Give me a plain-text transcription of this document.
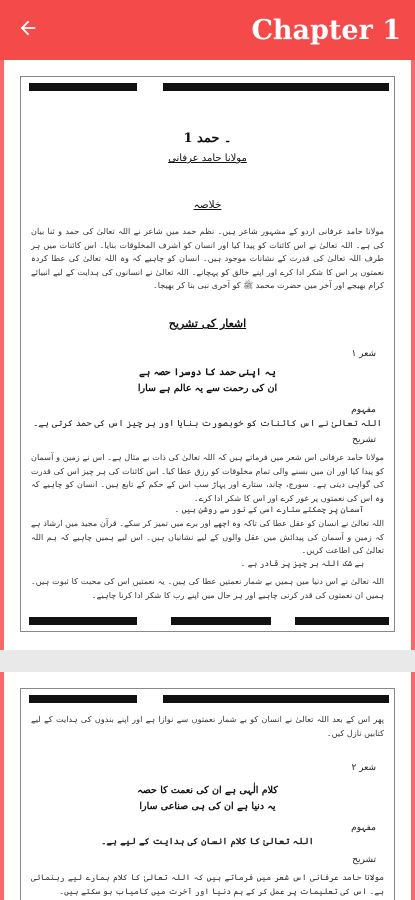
Chapter 1
1 ۔ حمد
مولانا حامد عرفانی
خلاصہ
مولانا حامد عرفانی اردو کے مشہور شاعر ہیں۔ نظم حمد میں شاعر نے اللہ تعالیٰ کی حمد و ثنا بیان کی ہے۔ اللہ تعالیٰ نے اس کائنات کو پیدا کیا اور انسان کو اشرف المخلوقات بنایا۔ اس کائنات میں ہر طرف اللہ تعالیٰ کی قدرت کے نشانات موجود ہیں۔ انسان کو چاہیے کہ وہ اللہ تعالیٰ کی عطا کردہ نعمتوں پر اس کا شکر ادا کرے اور اپنے خالق کو پہچانے۔ اللہ تعالیٰ نے انسانوں کی ہدایت کے لیے انبیائے کرام بھیجے اور آخر میں حضرت محمد ﷺ کو آخری نبی بنا کر بھیجا۔
اشعار کی تشریح
شعر ۱
یہ اپنی حمد کا دوسرا حصہ ہے
ان کی رحمت سے یہ عالم ہے سارا
مفہوم
اللہ تعالیٰ نے اس کائنات کو خوبصورت بنایا اور ہر چیز اس کی حمد کرتی ہے۔
تشریح
مولانا حامد عرفانی اس شعر میں فرماتے ہیں کہ اللہ تعالیٰ کی ذات بے مثال ہے۔ اس نے زمین و آسمان کو پیدا کیا اور ان میں بسنے والی تمام مخلوقات کو رزق عطا کیا۔ اس کائنات کی ہر چیز اس کی قدرت کی گواہی دیتی ہے۔ سورج، چاند، ستارے اور پہاڑ سب اس کے حکم کے تابع ہیں۔ انسان کو چاہیے کہ وہ اس کی نعمتوں پر غور کرے اور اس کا شکر ادا کرے۔
آسمان پر چمکتے ستارے اسی کے نور سے روشن ہیں ۔
اللہ تعالیٰ نے انسان کو عقل عطا کی تاکہ وہ اچھے اور برے میں تمیز کر سکے۔ قرآن مجید میں ارشاد ہے کہ زمین و آسمان کی پیدائش میں عقل والوں کے لیے نشانیاں ہیں۔ اس لیے ہمیں چاہیے کہ ہم اللہ تعالیٰ کی اطاعت کریں۔
بے شک اللہ ہر چیز پر قادر ہے ۔
اللہ تعالیٰ نے اس دنیا میں ہمیں بے شمار نعمتیں عطا کی ہیں۔ یہ نعمتیں اس کی محبت کا ثبوت ہیں۔ ہمیں ان نعمتوں کی قدر کرنی چاہیے اور ہر حال میں اپنے رب کا شکر ادا کرنا چاہیے۔
پھر اس کے بعد اللہ تعالیٰ نے انسان کو بے شمار نعمتوں سے نوازا ہے اور اپنے بندوں کی ہدایت کے لیے کتابیں نازل کیں۔
شعر ۲
کلام الٰہی ہے ان کی نعمت کا حصہ
یہ دنیا ہے ان کی ہی صناعی سارا
مفہوم
اللہ تعالیٰ کا کلام انسان کی ہدایت کے لیے ہے۔
تشریح
مولانا حامد عرفانی اس شعر میں فرماتے ہیں کہ اللہ تعالیٰ کا کلام ہمارے لیے رہنمائی ہے۔ اس کی تعلیمات پر عمل کر کے ہم دنیا اور آخرت میں کامیاب ہو سکتے ہیں۔
